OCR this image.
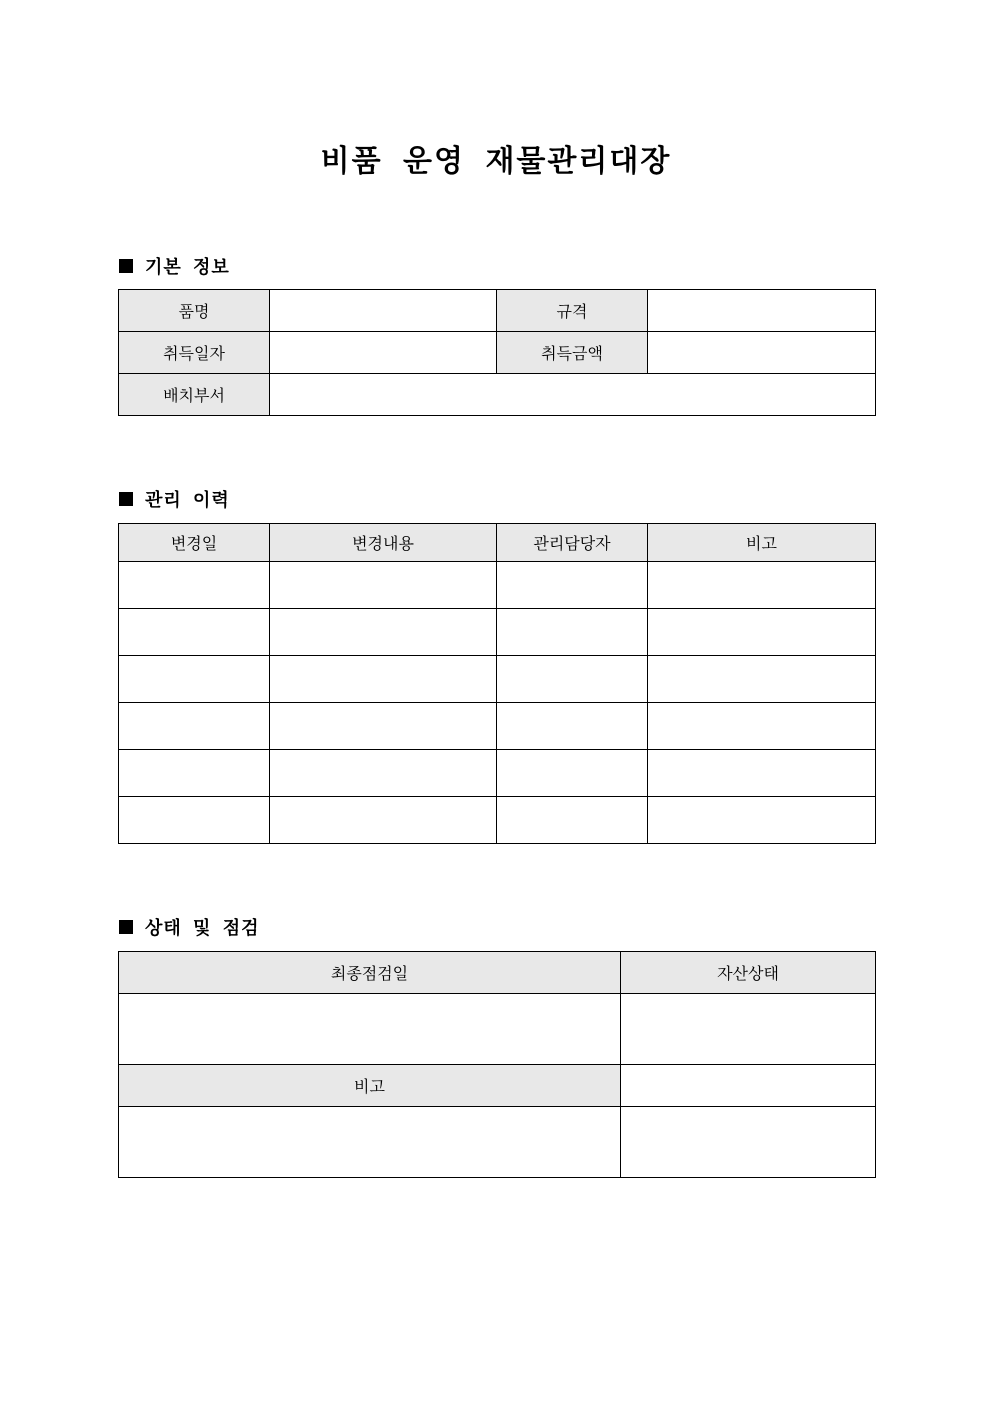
비품 운영 재물관리대장
기본 정보
품명		규격	
취득일자		취득금액	
배치부서			
관리 이력
변경일	변경내용	관리담당자	비고

상태 및 점검
최종점검일	자산상태

비고	
